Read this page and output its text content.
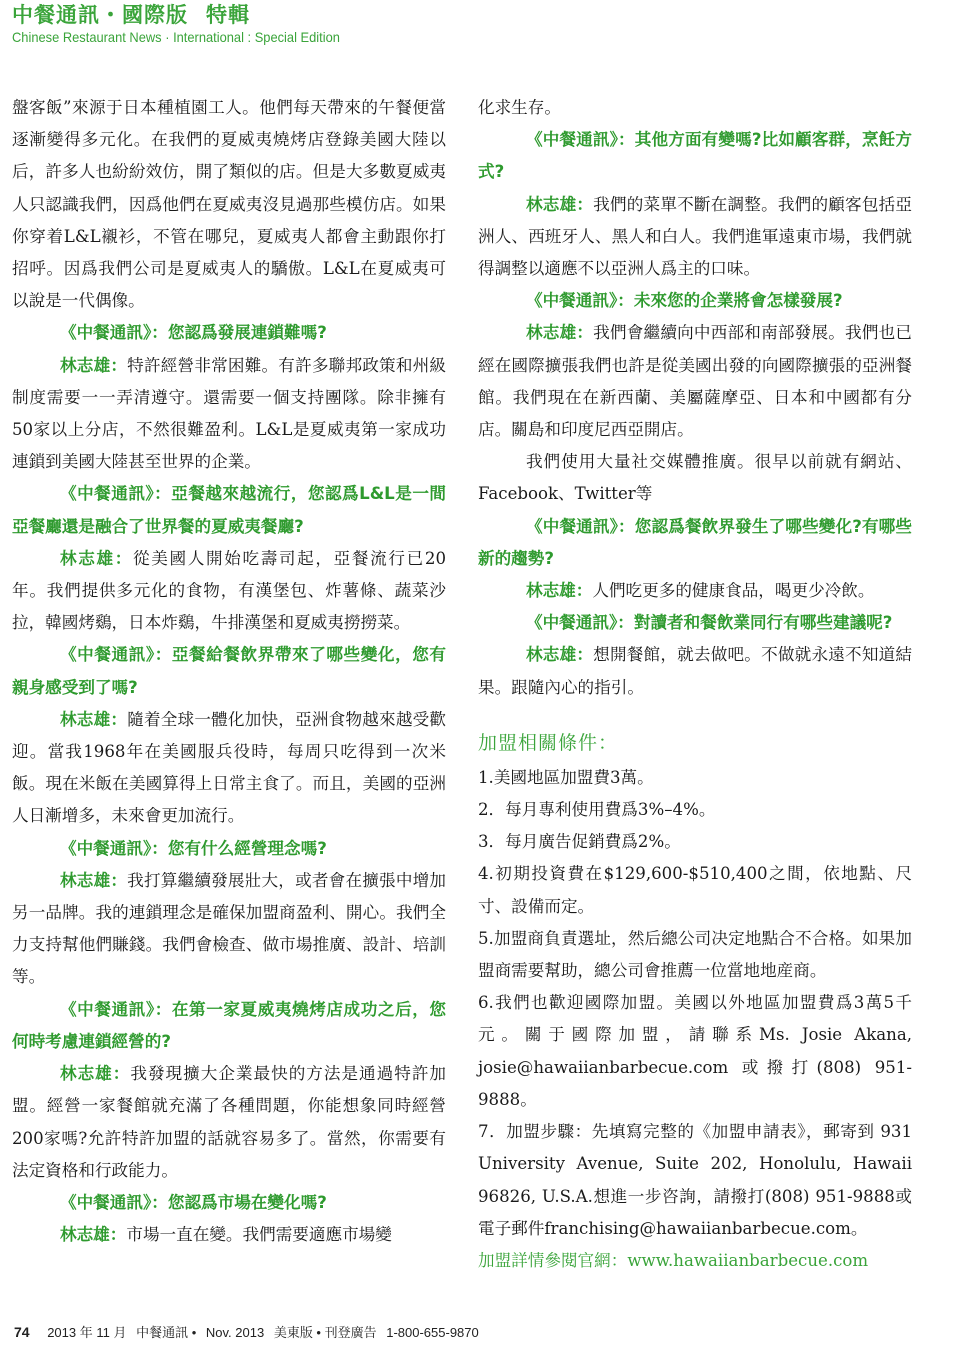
中餐通訊・國際版 特輯
Chinese Restaurant News · International : Special Edition

盤客飯”來源于日本種植園工人。他們每天帶來的午餐便當逐漸變得多元化。在我們的夏威夷燒烤店登錄美國大陸以后，許多人也紛紛效仿，開了類似的店。但是大多數夏威夷人只認識我們，因爲他們在夏威夷沒見過那些模仿店。如果你穿着L&L襯衫，不管在哪兒，夏威夷人都會主動跟你打招呼。因爲我們公司是夏威夷人的驕傲。L&L在夏威夷可以說是一代偶像。

《中餐通訊》：您認爲發展連鎖難嗎?

林志雄：特許經營非常困難。有許多聯邦政策和州級制度需要一一弄清遵守。還需要一個支持團隊。除非擁有50家以上分店，不然很難盈利。L&L是夏威夷第一家成功連鎖到美國大陸甚至世界的企業。

《中餐通訊》：亞餐越來越流行，您認爲L&L是一間亞餐廳還是融合了世界餐的夏威夷餐廳?

林志雄：從美國人開始吃壽司起，亞餐流行已20年。我們提供多元化的食物，有漢堡包、炸薯條、蔬菜沙拉，韓國烤鷄，日本炸鷄，牛排漢堡和夏威夷撈撈菜。

《中餐通訊》：亞餐給餐飲界帶來了哪些變化，您有親身感受到了嗎?

林志雄：隨着全球一體化加快，亞洲食物越來越受歡迎。當我1968年在美國服兵役時，每周只吃得到一次米飯。現在米飯在美國算得上日常主食了。而且，美國的亞洲人日漸增多，未來會更加流行。

《中餐通訊》：您有什么經營理念嗎?

林志雄：我打算繼續發展壯大，或者會在擴張中增加另一品牌。我的連鎖理念是確保加盟商盈利、開心。我們全力支持幫他們賺錢。我們會檢查、做市場推廣、設計、培訓等。

《中餐通訊》：在第一家夏威夷燒烤店成功之后，您何時考慮連鎖經營的?

林志雄：我發現擴大企業最快的方法是通過特許加盟。經營一家餐館就充滿了各種問題，你能想象同時經營200家嗎?允許特許加盟的話就容易多了。當然，你需要有法定資格和行政能力。

《中餐通訊》：您認爲市場在變化嗎?

林志雄：市場一直在變。我們需要適應市場變

化求生存。

《中餐通訊》：其他方面有變嗎?比如顧客群，烹飪方式?

林志雄：我們的菜單不斷在調整。我們的顧客包括亞洲人、西班牙人、黑人和白人。我們進軍遠東市場，我們就得調整以適應不以亞洲人爲主的口味。

《中餐通訊》：未來您的企業將會怎樣發展?

林志雄：我們會繼續向中西部和南部發展。我們也已經在國際擴張我們也許是從美國出發的向國際擴張的亞洲餐館。我們現在在新西蘭、美屬薩摩亞、日本和中國都有分店。關島和印度尼西亞開店。

我們使用大量社交媒體推廣。很早以前就有網站、Facebook、Twitter等

《中餐通訊》：您認爲餐飲界發生了哪些變化?有哪些新的趨勢?

林志雄：人們吃更多的健康食品，喝更少冷飲。

《中餐通訊》：對讀者和餐飲業同行有哪些建議呢?

林志雄：想開餐館，就去做吧。不做就永遠不知道結果。跟隨內心的指引。

加盟相關條件：

1.美國地區加盟費3萬。

2．每月專利使用費爲3%–4%。

3．每月廣告促銷費爲2%。

4.初期投資費在$129,600-$510,400之間，依地點、尺寸、設備而定。

5.加盟商負責選址，然后總公司决定地點合不合格。如果加盟商需要幫助，總公司會推薦一位當地地産商。

6.我們也歡迎國際加盟。美國以外地區加盟費爲3萬5千元。關于國際加盟，請聯系Ms. Josie Akana, josie@hawaiianbarbecue.com 或撥打(808) 951-9888。

7．加盟步驟：先填寫完整的《加盟申請表》，郵寄到 931 University Avenue, Suite 202, Honolulu, Hawaii 96826, U.S.A.想進一步咨詢，請撥打(808) 951-9888或電子郵件franchising@hawaiianbarbecue.com。

加盟詳情參閱官網：www.hawaiianbarbecue.com

74 2013 年 11 月 中餐通訊 • Nov. 2013 美東版 • 刊登廣告 1-800-655-9870
